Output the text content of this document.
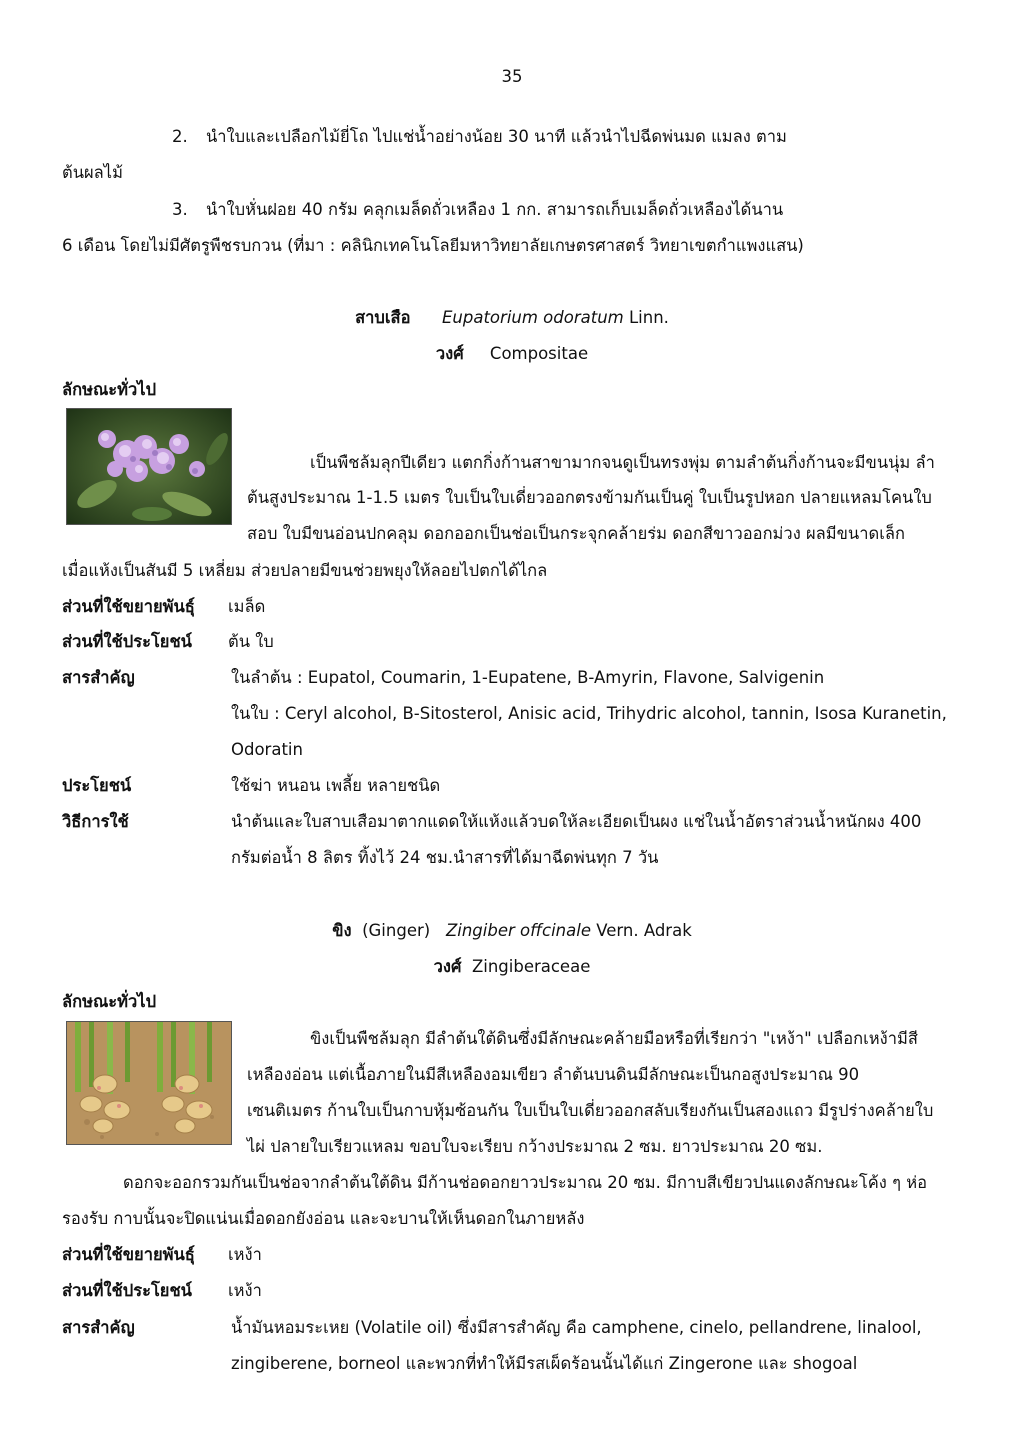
35
2. นำใบและเปลือกไม้ยี่โถ ไปแช่น้ำอย่างน้อย 30 นาที แล้วนำไปฉีดพ่นมด แมลง ตาม
ต้นผลไม้
3. นำใบหั่นฝอย 40 กรัม คลุกเมล็ดถั่วเหลือง 1 กก. สามารถเก็บเมล็ดถั่วเหลืองได้นาน
6 เดือน โดยไม่มีศัตรูพืชรบกวน (ที่มา : คลินิกเทคโนโลยีมหาวิทยาลัยเกษตรศาสตร์ วิทยาเขตกำแพงแสน)
สาบเสือ Eupatorium odoratum Linn.
วงศ์ Compositae
ลักษณะทั่วไป
เป็นพืชล้มลุกปีเดียว แตกกิ่งก้านสาขามากจนดูเป็นทรงพุ่ม ตามลำต้นกิ่งก้านจะมีขนนุ่ม ลำ
ต้นสูงประมาณ 1-1.5 เมตร ใบเป็นใบเดี่ยวออกตรงข้ามกันเป็นคู่ ใบเป็นรูปหอก ปลายแหลมโคนใบ
สอบ ใบมีขนอ่อนปกคลุม ดอกออกเป็นช่อเป็นกระจุกคล้ายร่ม ดอกสีขาวออกม่วง ผลมีขนาดเล็ก
เมื่อแห้งเป็นสันมี 5 เหลี่ยม ส่วยปลายมีขนช่วยพยุงให้ลอยไปตกได้ไกล
ส่วนที่ใช้ขยายพันธุ์ เมล็ด
ส่วนที่ใช้ประโยชน์ ต้น ใบ
สารสำคัญ	ในลำต้น : Eupatol, Coumarin, 1-Eupatene, B-Amyrin, Flavone, Salvigenin
ในใบ : Ceryl alcohol, B-Sitosterol, Anisic acid, Trihydric alcohol, tannin, Isosa Kuranetin,
Odoratin
ประโยชน์	ใช้ฆ่า หนอน เพลี้ย หลายชนิด
วิธีการใช้	นำต้นและใบสาบเสือมาตากแดดให้แห้งแล้วบดให้ละเอียดเป็นผง แช่ในน้ำอัตราส่วนน้ำหนักผง 400
กรัมต่อน้ำ 8 ลิตร ทิ้งไว้ 24 ชม.นำสารที่ได้มาฉีดพ่นทุก 7 วัน
ขิง (Ginger) Zingiber offcinale Vern. Adrak
วงศ์ Zingiberaceae
ลักษณะทั่วไป
ขิงเป็นพืชล้มลุก มีลำต้นใต้ดินซึ่งมีลักษณะคล้ายมือหรือที่เรียกว่า "เหง้า" เปลือกเหง้ามีสี
เหลืองอ่อน แต่เนื้อภายในมีสีเหลืองอมเขียว ลำต้นบนดินมีลักษณะเป็นกอสูงประมาณ 90
เซนติเมตร ก้านใบเป็นกาบหุ้มซ้อนกัน ใบเป็นใบเดี่ยวออกสลับเรียงกันเป็นสองแถว มีรูปร่างคล้ายใบ
ไผ่ ปลายใบเรียวแหลม ขอบใบจะเรียบ กว้างประมาณ 2 ซม. ยาวประมาณ 20 ซม.
ดอกจะออกรวมกันเป็นช่อจากลำต้นใต้ดิน มีก้านช่อดอกยาวประมาณ 20 ซม. มีกาบสีเขียวปนแดงลักษณะโค้ง ๆ ห่อ
รองรับ กาบนั้นจะปิดแน่นเมื่อดอกยังอ่อน และจะบานให้เห็นดอกในภายหลัง
ส่วนที่ใช้ขยายพันธุ์ เหง้า
ส่วนที่ใช้ประโยชน์ เหง้า
สารสำคัญ	น้ำมันหอมระเหย (Volatile oil) ซึ่งมีสารสำคัญ คือ camphene, cinelo, pellandrene, linalool,
zingiberene, borneol และพวกที่ทำให้มีรสเผ็ดร้อนนั้นได้แก่ Zingerone และ shogoal
